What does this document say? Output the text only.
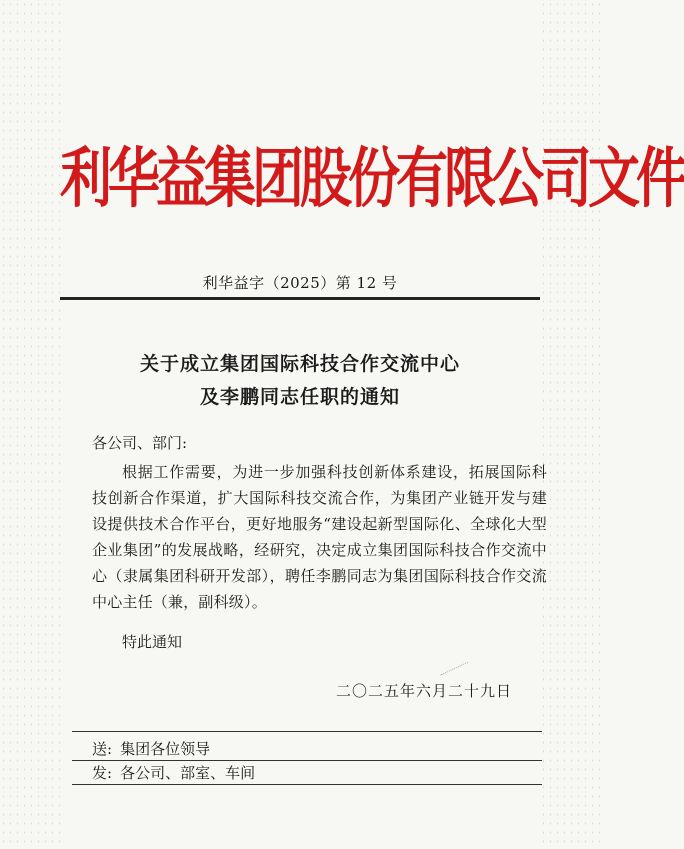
利华益集团股份有限公司文件
利华益字（2025）第 12 号
关于成立集团国际科技合作交流中心
及李鹏同志任职的通知
各公司、部门:
根据工作需要，为进一步加强科技创新体系建设，拓展国际科技创新合作渠道，扩大国际科技交流合作，为集团产业链开发与建设提供技术合作平台，更好地服务“建设起新型国际化、全球化大型企业集团”的发展战略，经研究，决定成立集团国际科技合作交流中心（隶属集团科研开发部），聘任李鹏同志为集团国际科技合作交流中心主任（兼，副科级）。
特此通知
二〇二五年六月二十九日
送: 集团各位领导
发: 各公司、部室、车间
